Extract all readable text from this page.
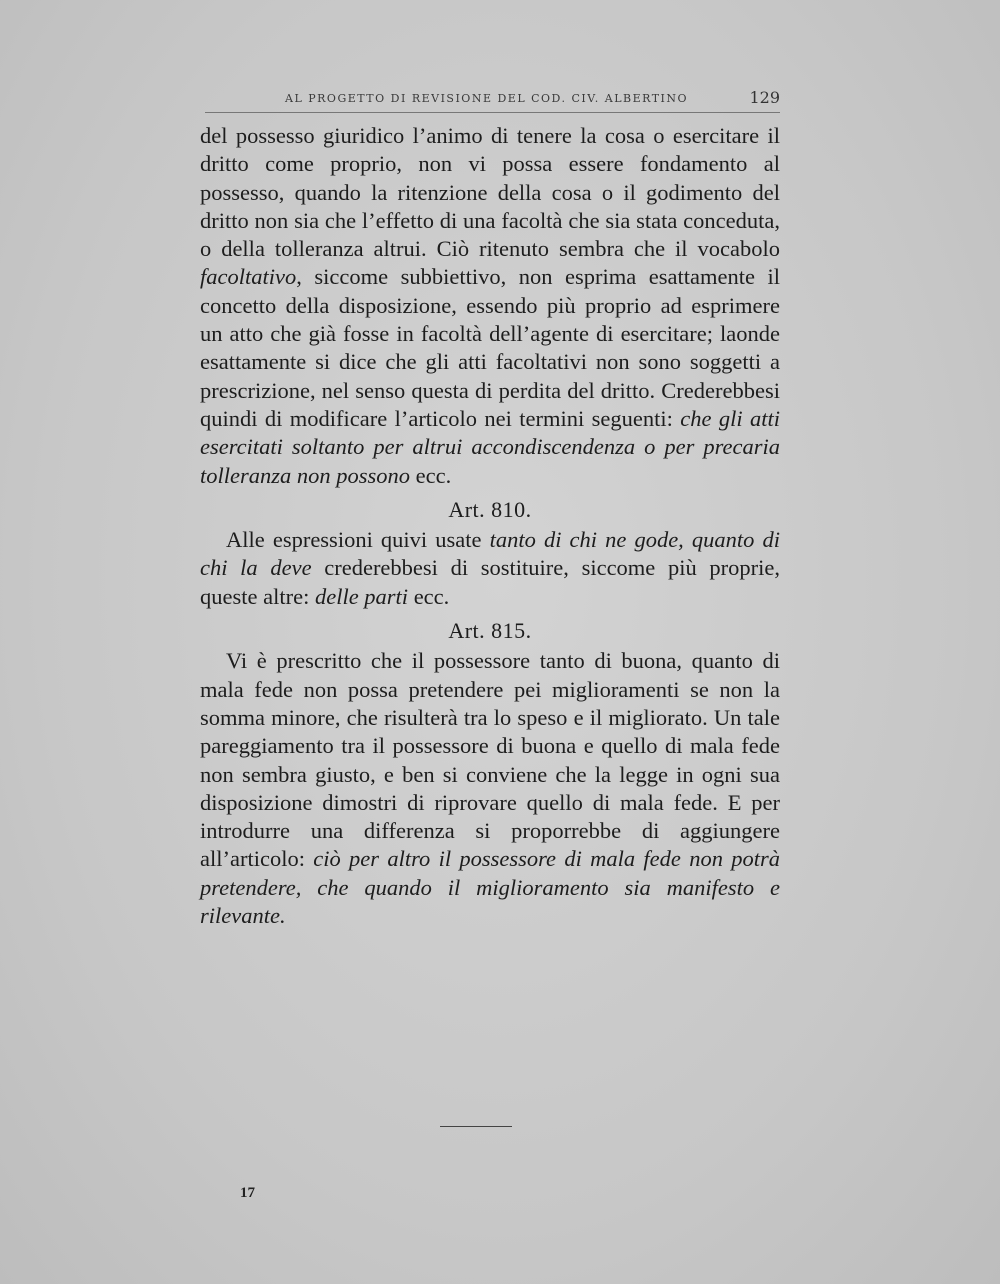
AL PROGETTO DI REVISIONE DEL COD. CIV. ALBERTINO	129

del possesso giuridico l’animo di tenere la cosa o esercitare il dritto come proprio, non vi possa essere fondamento al possesso, quando la ritenzione della cosa o il godimento del dritto non sia che l’effetto di una facoltà che sia stata conceduta, o della tolleranza altrui. Ciò ritenuto sembra che il vocabolo facoltativo, siccome subbiettivo, non esprima esattamente il concetto della disposizione, essendo più proprio ad esprimere un atto che già fosse in facoltà dell’agente di esercitare; laonde esattamente si dice che gli atti facoltativi non sono soggetti a prescrizione, nel senso questa di perdita del dritto. Crederebbesi quindi di modificare l’articolo nei termini seguenti: che gli atti esercitati soltanto per altrui accondiscendenza o per precaria tolleranza non possono ecc.

Art. 810.

Alle espressioni quivi usate tanto di chi ne gode, quanto di chi la deve crederebbesi di sostituire, siccome più proprie, queste altre: delle parti ecc.

Art. 815.

Vi è prescritto che il possessore tanto di buona, quanto di mala fede non possa pretendere pei miglioramenti se non la somma minore, che risulterà tra lo speso e il migliorato. Un tale pareggiamento tra il possessore di buona e quello di mala fede non sembra giusto, e ben si conviene che la legge in ogni sua disposizione dimostri di riprovare quello di mala fede. E per introdurre una differenza si proporrebbe di aggiungere all’articolo: ciò per altro il possessore di mala fede non potrà pretendere, che quando il miglioramento sia manifesto e rilevante.

17
